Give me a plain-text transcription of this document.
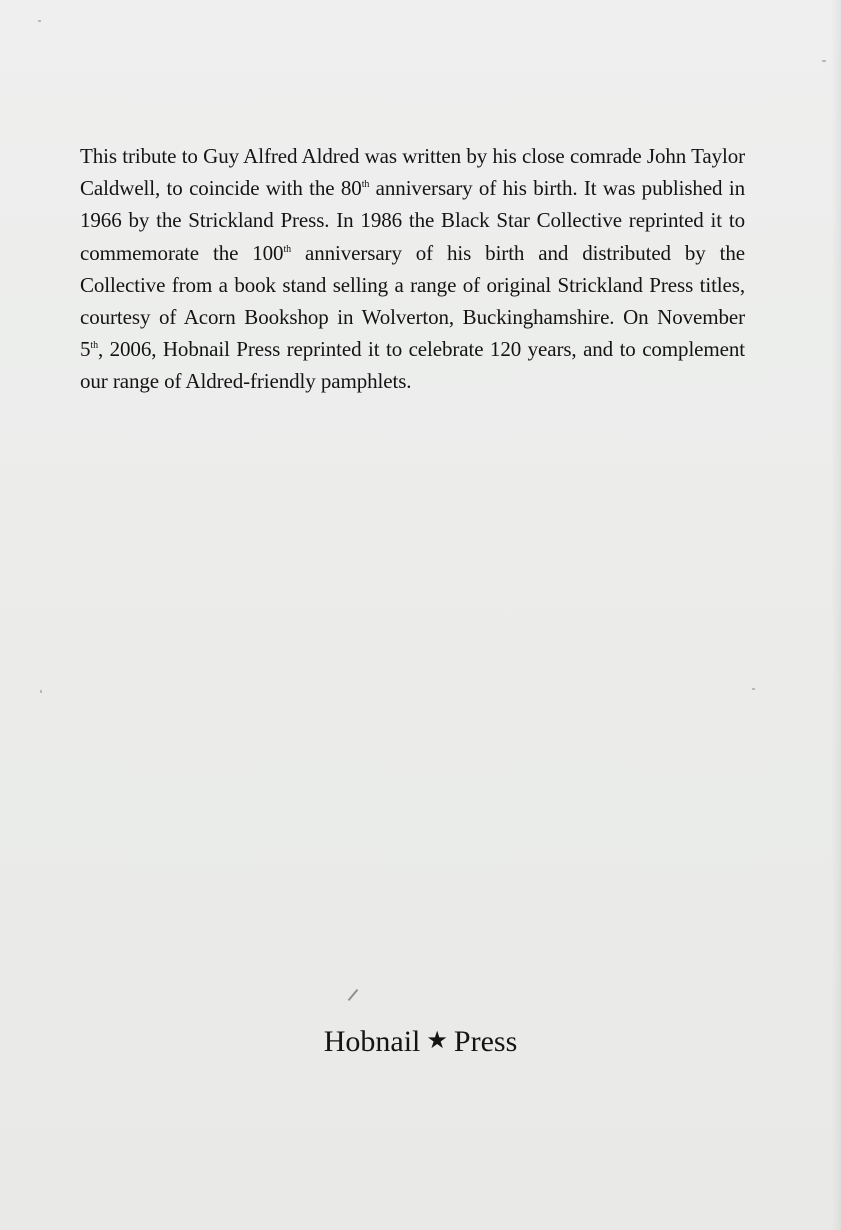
This tribute to Guy Alfred Aldred was written by his close comrade John Taylor Caldwell, to coincide with the 80th anniversary of his birth. It was published in 1966 by the Strickland Press. In 1986 the Black Star Collective reprinted it to commemorate the 100th anniversary of his birth and distributed by the Collective from a book stand selling a range of original Strickland Press titles, courtesy of Acorn Bookshop in Wolverton, Buckinghamshire. On November 5th, 2006, Hobnail Press reprinted it to celebrate 120 years, and to complement our range of Aldred-friendly pamphlets.

Hobnail ★ Press
